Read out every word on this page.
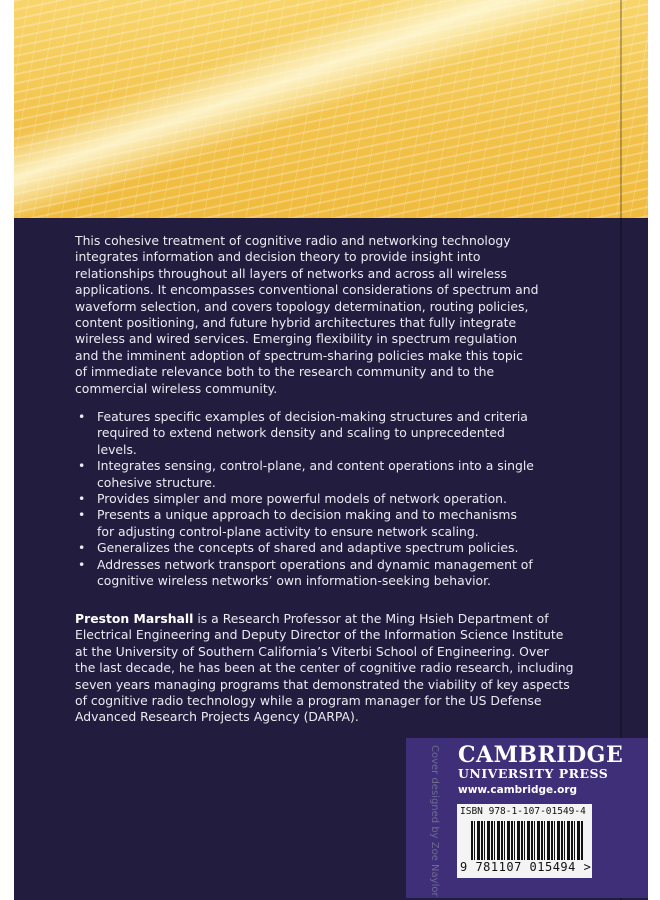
This cohesive treatment of cognitive radio and networking technology
integrates information and decision theory to provide insight into
relationships throughout all layers of networks and across all wireless
applications. It encompasses conventional considerations of spectrum and
waveform selection, and covers topology determination, routing policies,
content positioning, and future hybrid architectures that fully integrate
wireless and wired services. Emerging flexibility in spectrum regulation
and the imminent adoption of spectrum-sharing policies make this topic
of immediate relevance both to the research community and to the
commercial wireless community.
• Features specific examples of decision-making structures and criteria
required to extend network density and scaling to unprecedented
levels.
• Integrates sensing, control-plane, and content operations into a single
cohesive structure.
• Provides simpler and more powerful models of network operation.
• Presents a unique approach to decision making and to mechanisms
for adjusting control-plane activity to ensure network scaling.
• Generalizes the concepts of shared and adaptive spectrum policies.
• Addresses network transport operations and dynamic management of
cognitive wireless networks’ own information-seeking behavior.
Preston Marshall is a Research Professor at the Ming Hsieh Department of
Electrical Engineering and Deputy Director of the Information Science Institute
at the University of Southern California’s Viterbi School of Engineering. Over
the last decade, he has been at the center of cognitive radio research, including
seven years managing programs that demonstrated the viability of key aspects
of cognitive radio technology while a program manager for the US Defense
Advanced Research Projects Agency (DARPA).
CAMBRIDGE
UNIVERSITY PRESS
www.cambridge.org
ISBN 978-1-107-01549-4
9 781107 015494 >
Cover designed by Zoe Naylor
